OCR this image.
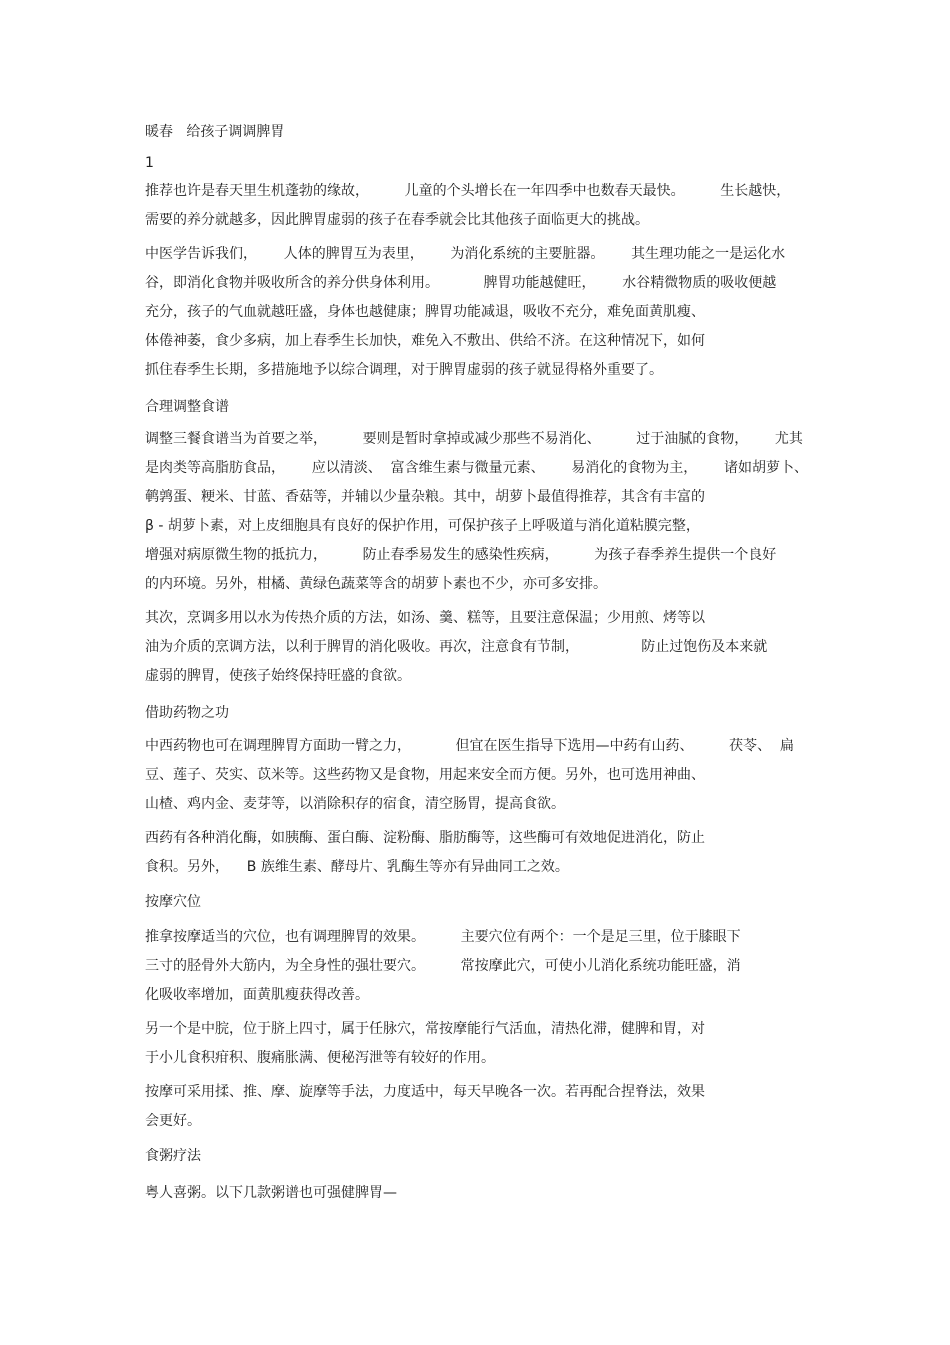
暖春   给孩子调调脾胃

1

推荐也许是春天里生机蓬勃的缘故，        儿童的个头增长在一年四季中也数春天最快。        生长越快，

需要的养分就越多，因此脾胃虚弱的孩子在春季就会比其他孩子面临更大的挑战。

中医学告诉我们，      人体的脾胃互为表里，      为消化系统的主要脏器。      其生理功能之一是运化水

谷，即消化食物并吸收所含的养分供身体利用。          脾胃功能越健旺，      水谷精微物质的吸收便越

充分，孩子的气血就越旺盛，身体也越健康；脾胃功能减退，吸收不充分，难免面黄肌瘦、

体倦神萎，食少多病，加上春季生长加快，难免入不敷出、供给不济。在这种情况下，如何

抓住春季生长期，多措施地予以综合调理，对于脾胃虚弱的孩子就显得格外重要了。

合理调整食谱

调整三餐食谱当为首要之举，        要则是暂时拿掉或减少那些不易消化、        过于油腻的食物，      尤其

是肉类等高脂肪食品，      应以清淡、  富含维生素与微量元素、      易消化的食物为主，      诸如胡萝卜、

鹌鹑蛋、粳米、甘蓝、香菇等，并辅以少量杂粮。其中，胡萝卜最值得推荐，其含有丰富的

β - 胡萝卜素，对上皮细胞具有良好的保护作用，可保护孩子上呼吸道与消化道粘膜完整，

增强对病原微生物的抵抗力，        防止春季易发生的感染性疾病，        为孩子春季养生提供一个良好

的内环境。另外，柑橘、黄绿色蔬菜等含的胡萝卜素也不少，亦可多安排。

其次，烹调多用以水为传热介质的方法，如汤、羹、糕等，且要注意保温；少用煎、烤等以

油为介质的烹调方法，以利于脾胃的消化吸收。再次，注意食有节制，              防止过饱伤及本来就

虚弱的脾胃，使孩子始终保持旺盛的食欲。

借助药物之功

中西药物也可在调理脾胃方面助一臂之力，          但宜在医生指导下选用—中药有山药、        茯苓、  扁

豆、莲子、芡实、苡米等。这些药物又是食物，用起来安全而方便。另外，也可选用神曲、

山楂、鸡内金、麦芽等，以消除积存的宿食，清空肠胃，提高食欲。

西药有各种消化酶，如胰酶、蛋白酶、淀粉酶、脂肪酶等，这些酶可有效地促进消化，防止

食积。另外，    B 族维生素、酵母片、乳酶生等亦有异曲同工之效。

按摩穴位

推拿按摩适当的穴位，也有调理脾胃的效果。        主要穴位有两个：一个是足三里，位于膝眼下

三寸的胫骨外大筋内，为全身性的强壮要穴。        常按摩此穴，可使小儿消化系统功能旺盛，消

化吸收率增加，面黄肌瘦获得改善。

另一个是中脘，位于脐上四寸，属于任脉穴，常按摩能行气活血，清热化滞，健脾和胃，对

于小儿食积疳积、腹痛胀满、便秘泻泄等有较好的作用。

按摩可采用揉、推、摩、旋摩等手法，力度适中，每天早晚各一次。若再配合捏脊法，效果

会更好。

食粥疗法

粤人喜粥。以下几款粥谱也可强健脾胃—
